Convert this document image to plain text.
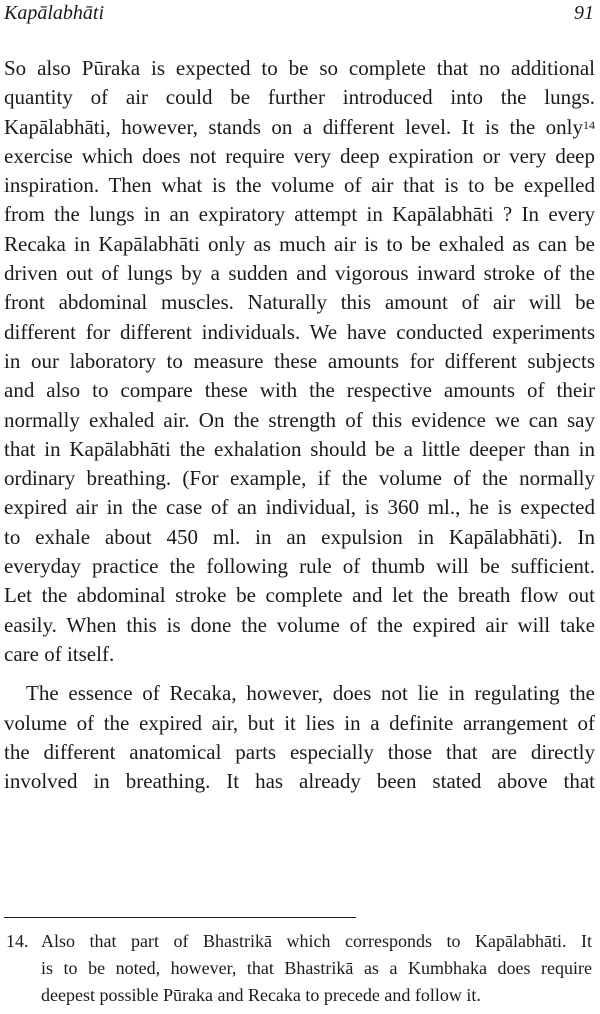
Kapālabhāti	91
So also Pūraka is expected to be so complete that no additional
quantity of air could be further introduced into the lungs.
Kapālabhāti, however, stands on a different level. It is the only$^{14}$
exercise which does not require very deep expiration or very deep
inspiration. Then what is the volume of air that is to be expelled
from the lungs in an expiratory attempt in Kapālabhāti ? In every
Recaka in Kapālabhāti only as much air is to be exhaled as can be
driven out of lungs by a sudden and vigorous inward stroke of the
front abdominal muscles. Naturally this amount of air will be
different for different individuals. We have conducted experiments
in our laboratory to measure these amounts for different subjects
and also to compare these with the respective amounts of their
normally exhaled air. On the strength of this evidence we can say
that in Kapālabhāti the exhalation should be a little deeper than in
ordinary breathing. (For example, if the volume of the normally
expired air in the case of an individual, is 360 ml., he is expected
to exhale about 450 ml. in an expulsion in Kapālabhāti). In
everyday practice the following rule of thumb will be sufficient.
Let the abdominal stroke be complete and let the breath flow out
easily. When this is done the volume of the expired air will take
care of itself.
The essence of Recaka, however, does not lie in regulating the
volume of the expired air, but it lies in a definite arrangement of
the different anatomical parts especially those that are directly
involved in breathing. It has already been stated above that
14. Also that part of Bhastrikā which corresponds to Kapālabhāti. It
is to be noted, however, that Bhastrikā as a Kumbhaka does require
deepest possible Pūraka and Recaka to precede and follow it.
